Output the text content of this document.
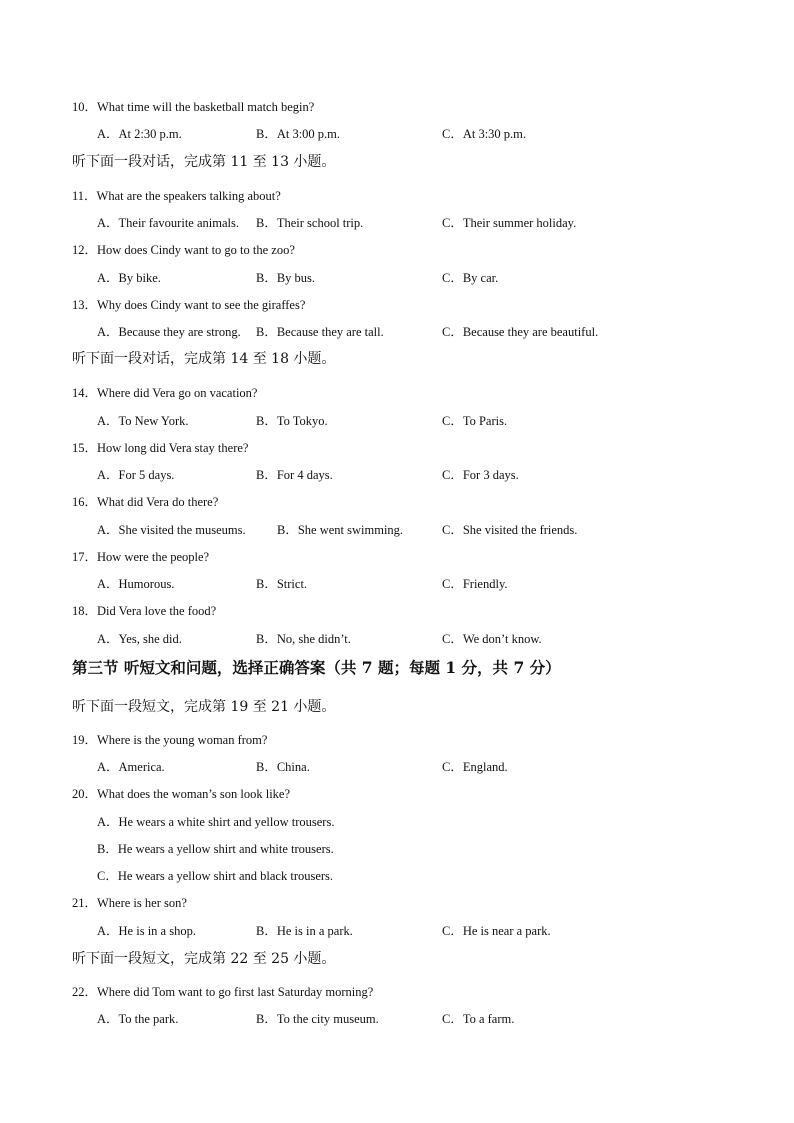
10．What time will the basketball match begin?
A．At 2:30 p.m.	B．At 3:00 p.m.	C．At 3:30 p.m.
听下面一段对话，完成第 11 至 13 小题。
11．What are the speakers talking about?
A．Their favourite animals. B．Their school trip.	C．Their summer holiday.
12．How does Cindy want to go to the zoo?
A．By bike.	B．By bus.	C．By car.
13．Why does Cindy want to see the giraffes?
A．Because they are strong. B．Because they are tall.	C．Because they are beautiful.
听下面一段对话，完成第 14 至 18 小题。
14．Where did Vera go on vacation?
A．To New York.	B．To Tokyo.	C．To Paris.
15．How long did Vera stay there?
A．For 5 days.	B．For 4 days.	C．For 3 days.
16．What did Vera do there?
A．She visited the museums.	B．She went swimming.	C．She visited the friends.
17．How were the people?
A．Humorous.	B．Strict.	C．Friendly.
18．Did Vera love the food?
A．Yes, she did.	B．No, she didn’t.	C．We don’t know.
第三节 听短文和问题，选择正确答案（共 7 题；每题 1 分，共 7 分）
听下面一段短文，完成第 19 至 21 小题。
19．Where is the young woman from?
A．America.	B．China.	C．England.
20．What does the woman’s son look like?
A．He wears a white shirt and yellow trousers.
B．He wears a yellow shirt and white trousers.
C．He wears a yellow shirt and black trousers.
21．Where is her son?
A．He is in a shop.	B．He is in a park.	C．He is near a park.
听下面一段短文，完成第 22 至 25 小题。
22．Where did Tom want to go first last Saturday morning?
A．To the park.	B．To the city museum.	C．To a farm.
